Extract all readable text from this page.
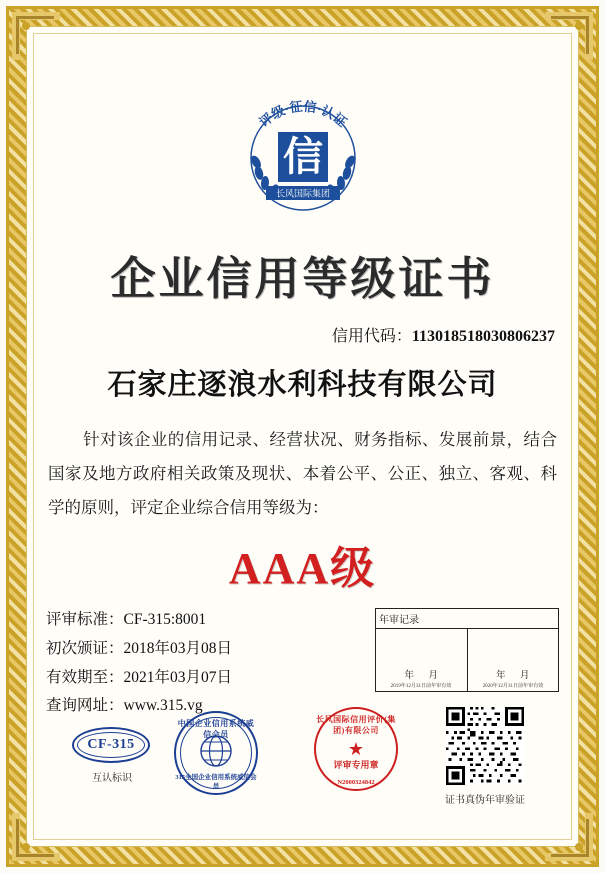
评级·征信·认证
信
长风国际集团
企业信用等级证书
信用代码：113018518030806237
石家庄逐浪水利科技有限公司
针对该企业的信用记录、经营状况、财务指标、发展前景，结合国家及地方政府相关政策及现状、本着公平、公正、独立、客观、科学的原则，评定企业综合信用等级为：
AAA级
评审标准：CF-315:8001
初次颁证：2018年03月08日
有效期至：2021年03月07日
查询网址：www.315.vg
年审记录
年 月
2019年12月31日前年审有效
年 月
2020年12月31日前年审有效
CF-315
互认标识
中国企业信用系统威信会员
315全国企业信用系统威信会员
★
长风国际信用评价(集团)有限公司
评审专用章
N2000324842
证书真伪年审验证
